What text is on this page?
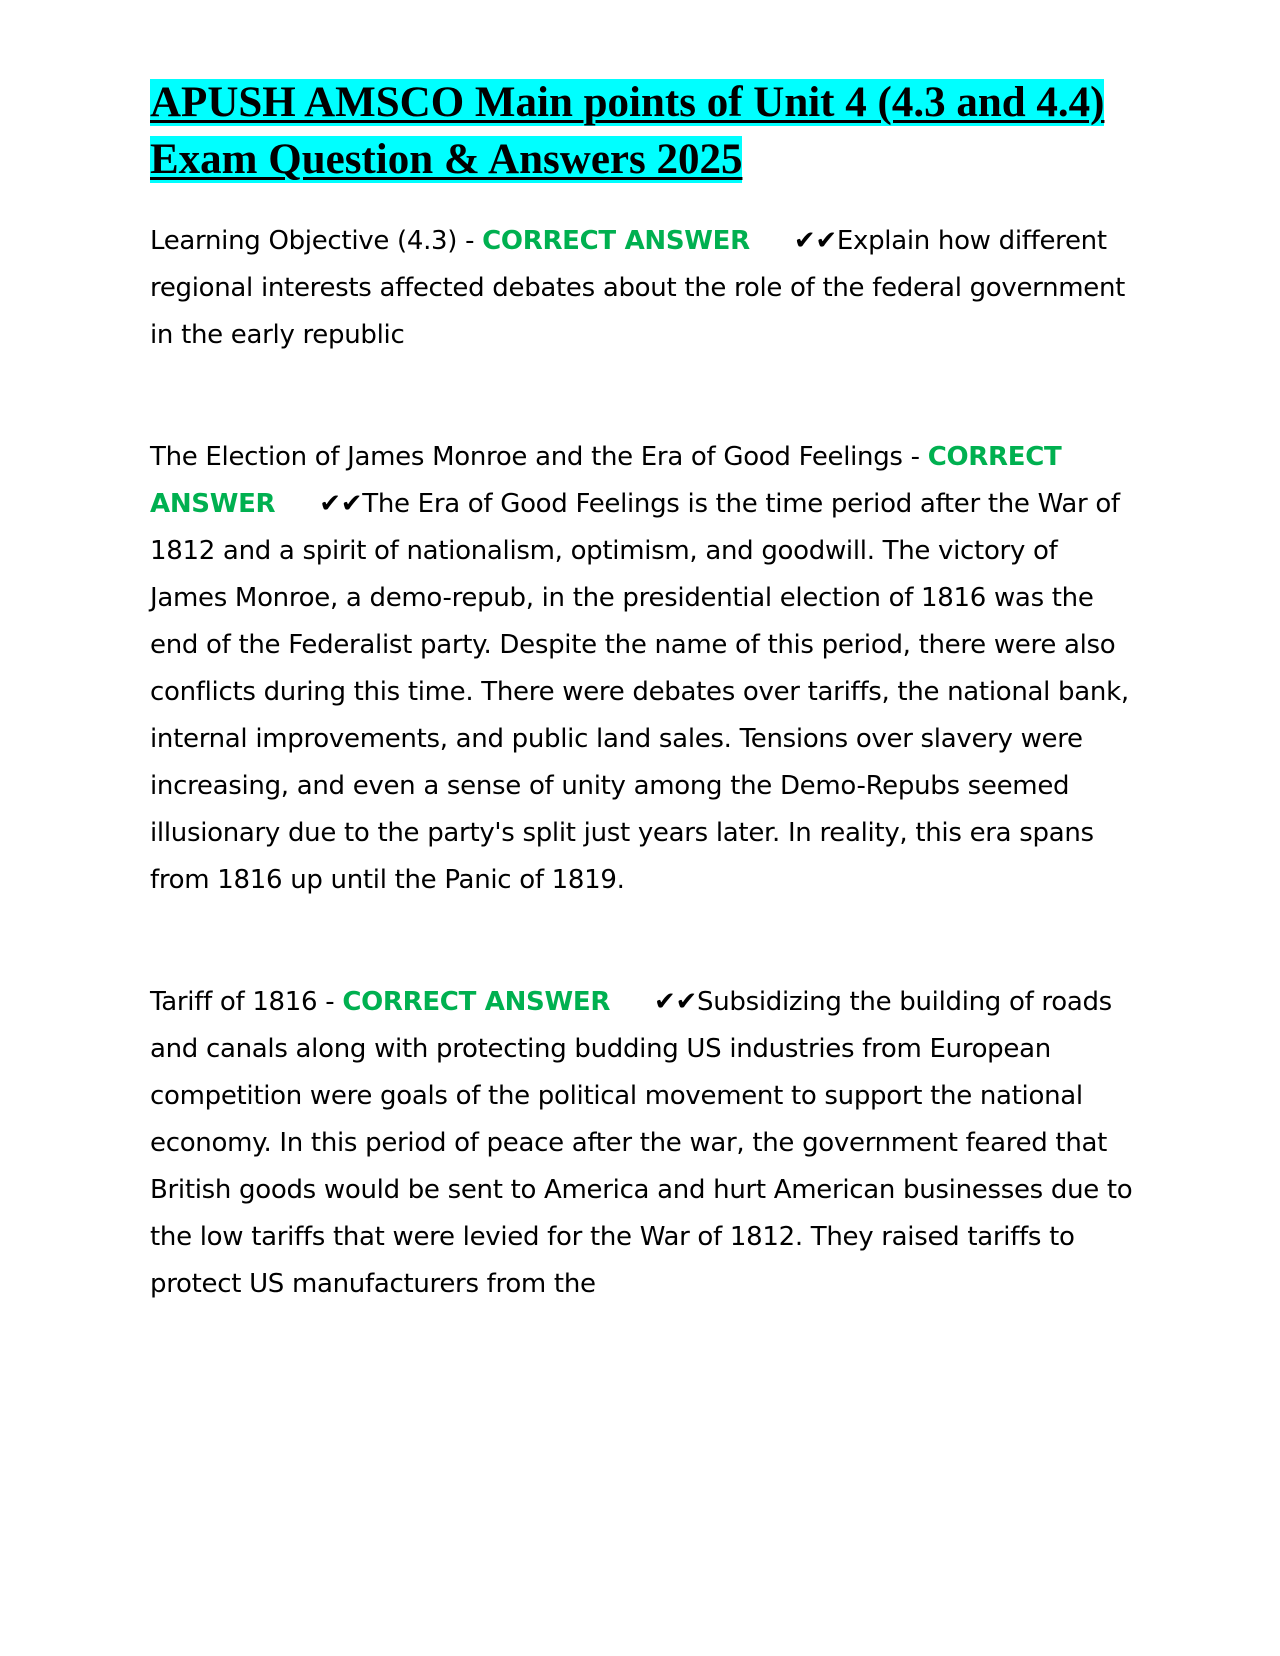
APUSH AMSCO Main points of Unit 4 (4.3 and 4.4) Exam Question & Answers 2025

Learning Objective (4.3) - CORRECT ANSWER ✔✔Explain how different regional interests affected debates about the role of the federal government in the early republic

The Election of James Monroe and the Era of Good Feelings - CORRECT ANSWER ✔✔The Era of Good Feelings is the time period after the War of 1812 and a spirit of nationalism, optimism, and goodwill. The victory of James Monroe, a demo-repub, in the presidential election of 1816 was the end of the Federalist party. Despite the name of this period, there were also conflicts during this time. There were debates over tariffs, the national bank, internal improvements, and public land sales. Tensions over slavery were increasing, and even a sense of unity among the Demo-Repubs seemed illusionary due to the party's split just years later. In reality, this era spans from 1816 up until the Panic of 1819.

Tariff of 1816 - CORRECT ANSWER ✔✔Subsidizing the building of roads and canals along with protecting budding US industries from European competition were goals of the political movement to support the national economy. In this period of peace after the war, the government feared that British goods would be sent to America and hurt American businesses due to the low tariffs that were levied for the War of 1812. They raised tariffs to protect US manufacturers from the
